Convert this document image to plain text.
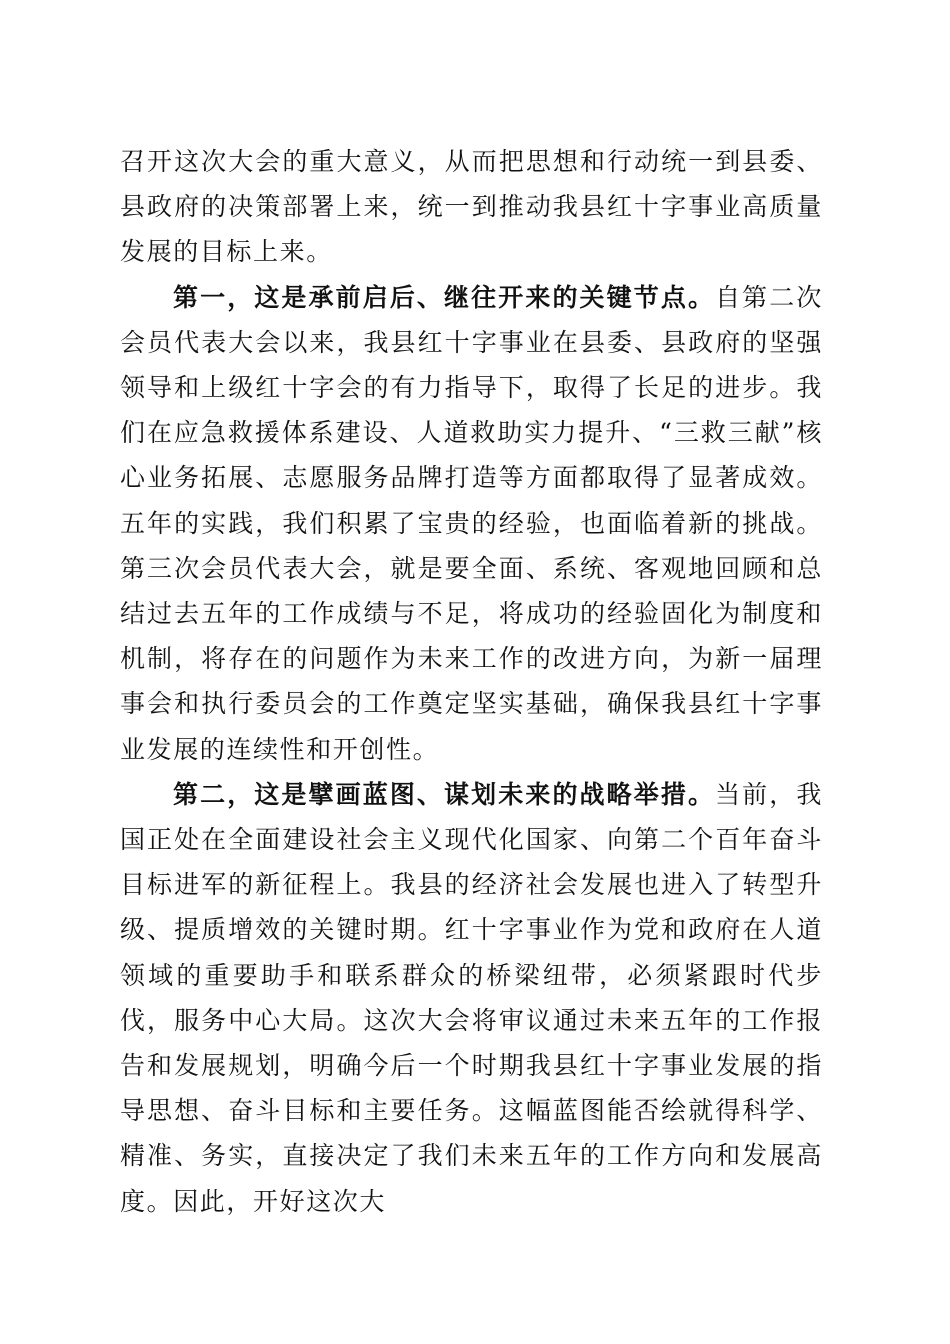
召开这次大会的重大意义，从而把思想和行动统一到县委、县政府的决策部署上来，统一到推动我县红十字事业高质量发展的目标上来。

第一，这是承前启后、继往开来的关键节点。自第二次会员代表大会以来，我县红十字事业在县委、县政府的坚强领导和上级红十字会的有力指导下，取得了长足的进步。我们在应急救援体系建设、人道救助实力提升、“三救三献”核心业务拓展、志愿服务品牌打造等方面都取得了显著成效。五年的实践，我们积累了宝贵的经验，也面临着新的挑战。第三次会员代表大会，就是要全面、系统、客观地回顾和总结过去五年的工作成绩与不足，将成功的经验固化为制度和机制，将存在的问题作为未来工作的改进方向，为新一届理事会和执行委员会的工作奠定坚实基础，确保我县红十字事业发展的连续性和开创性。

第二，这是擘画蓝图、谋划未来的战略举措。当前，我国正处在全面建设社会主义现代化国家、向第二个百年奋斗目标进军的新征程上。我县的经济社会发展也进入了转型升级、提质增效的关键时期。红十字事业作为党和政府在人道领域的重要助手和联系群众的桥梁纽带，必须紧跟时代步伐，服务中心大局。这次大会将审议通过未来五年的工作报告和发展规划，明确今后一个时期我县红十字事业发展的指导思想、奋斗目标和主要任务。这幅蓝图能否绘就得科学、精准、务实，直接决定了我们未来五年的工作方向和发展高度。因此，开好这次大
